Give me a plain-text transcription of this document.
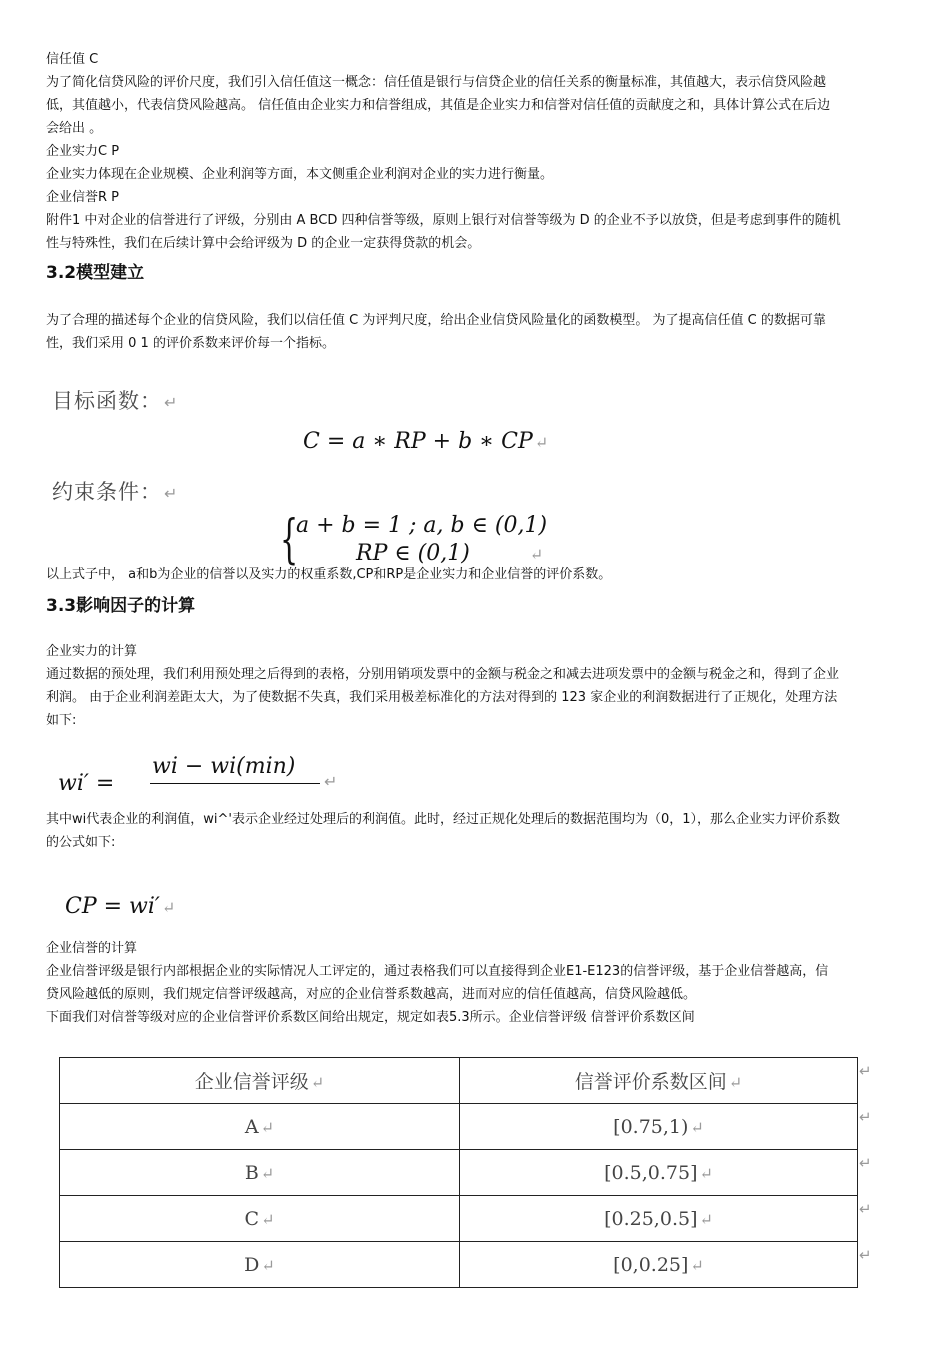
信任值 C

为了简化信贷风险的评价尺度，我们引入信任值这一概念：信任值是银行与信贷企业的信任关系的衡量标准，其值越大，表示信贷风险越

低，其值越小，代表信贷风险越高。 信任值由企业实力和信誉组成，其值是企业实力和信誉对信任值的贡献度之和，具体计算公式在后边

会给出 。

企业实力C P

企业实力体现在企业规模、企业利润等方面，本文侧重企业利润对企业的实力进行衡量。

企业信誉R P

附件1 中对企业的信誉进行了评级，分别由 A BCD 四种信誉等级，原则上银行对信誉等级为 D 的企业不予以放贷，但是考虑到事件的随机

性与特殊性，我们在后续计算中会给评级为 D 的企业一定获得贷款的机会。

3.2模型建立

为了合理的描述每个企业的信贷风险，我们以信任值 C 为评判尺度，给出企业信贷风险量化的函数模型。 为了提高信任值 C 的数据可靠

性，我们采用 0 1 的评价系数来评价每一个指标。

目标函数： ↵
C = a ∗ RP + b ∗ CP ↵
约束条件： ↵
{
a + b = 1 ; a, b ∈ (0,1)
RP ∈ (0,1)	↵

以上式子中， a和b为企业的信誉以及实力的权重系数,CP和RP是企业实力和企业信誉的评价系数。

3.3影响因子的计算

企业实力的计算

通过数据的预处理，我们利用预处理之后得到的表格，分别用销项发票中的金额与税金之和减去进项发票中的金额与税金之和，得到了企业

利润。 由于企业利润差距太大，为了使数据不失真，我们采用极差标准化的方法对得到的 123 家企业的利润数据进行了正规化，处理方法

如下:

wi′ =
wi − wi(min)
↵

其中wi代表企业的利润值，wi^'表示企业经过处理后的利润值。此时，经过正规化处理后的数据范围均为（0，1），那么企业实力评价系数

的公式如下:

CP = wi′ ↵

企业信誉的计算

企业信誉评级是银行内部根据企业的实际情况人工评定的，通过表格我们可以直接得到企业E1-E123的信誉评级，基于企业信誉越高，信

贷风险越低的原则，我们规定信誉评级越高，对应的企业信誉系数越高，进而对应的信任值越高，信贷风险越低。

下面我们对信誉等级对应的企业信誉评价系数区间给出规定，规定如表5.3所示。企业信誉评级 信誉评价系数区间

企业信誉评级 ↵	信誉评价系数区间 ↵
A ↵	[0.75,1) ↵
B ↵	[0.5,0.75] ↵
C ↵	[0.25,0.5] ↵
D ↵	[0,0.25] ↵
↵
↵
↵
↵
↵
